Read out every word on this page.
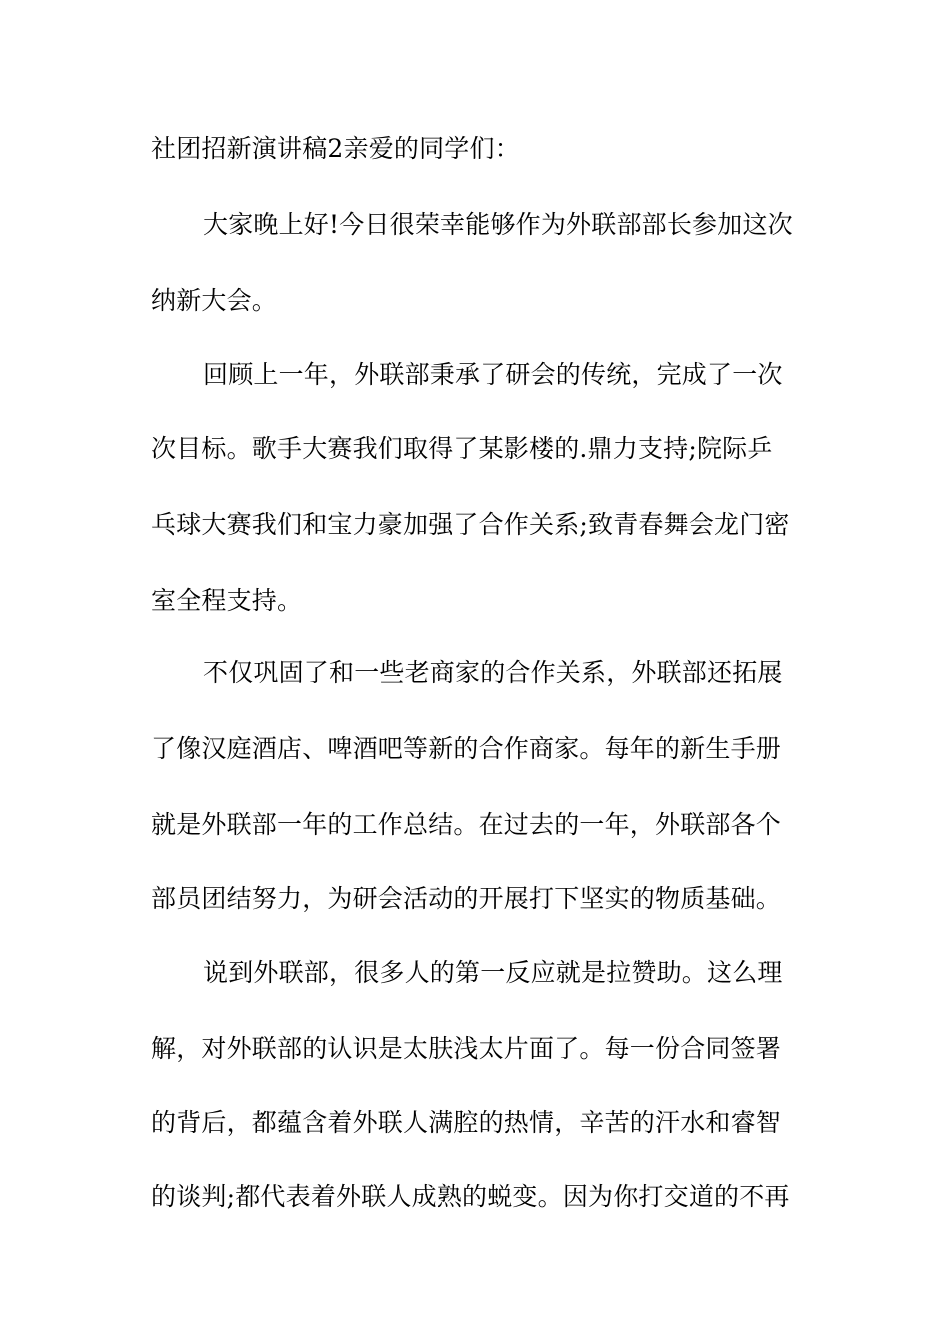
社团招新演讲稿2亲爱的同学们：

大家晚上好!今日很荣幸能够作为外联部部长参加这次

纳新大会。

回顾上一年，外联部秉承了研会的传统，完成了一次

次目标。歌手大赛我们取得了某影楼的.鼎力支持;院际乒

乓球大赛我们和宝力豪加强了合作关系;致青春舞会龙门密

室全程支持。

不仅巩固了和一些老商家的合作关系，外联部还拓展

了像汉庭酒店、啤酒吧等新的合作商家。每年的新生手册

就是外联部一年的工作总结。在过去的一年，外联部各个

部员团结努力，为研会活动的开展打下坚实的物质基础。

说到外联部，很多人的第一反应就是拉赞助。这么理

解，对外联部的认识是太肤浅太片面了。每一份合同签署

的背后，都蕴含着外联人满腔的热情，辛苦的汗水和睿智

的谈判;都代表着外联人成熟的蜕变。因为你打交道的不再
